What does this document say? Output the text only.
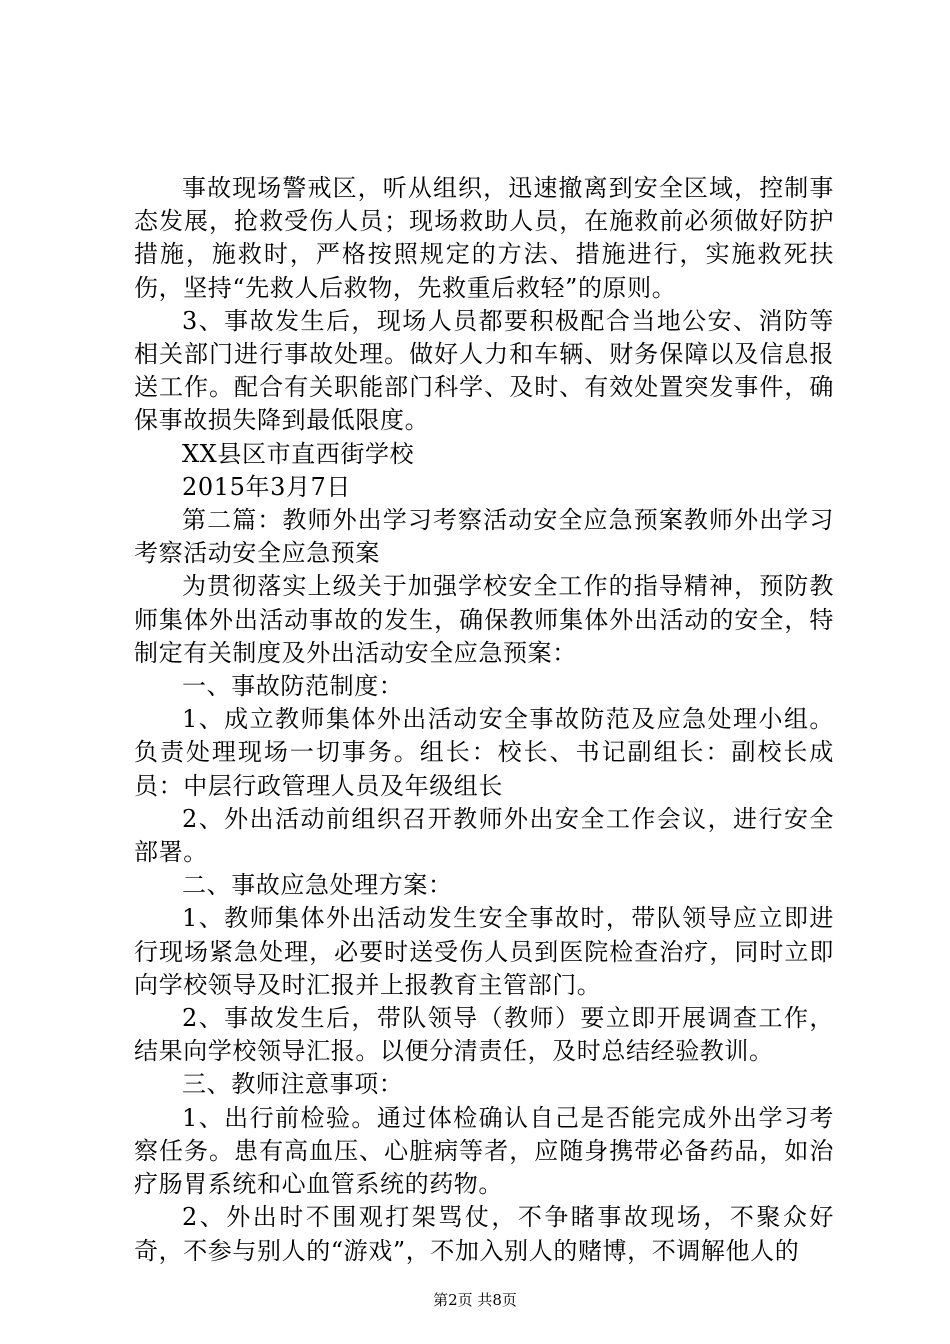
事故现场警戒区，听从组织，迅速撤离到安全区域，控制事态发展，抢救受伤人员；现场救助人员，在施救前必须做好防护措施，施救时，严格按照规定的方法、措施进行，实施救死扶伤，坚持“先救人后救物，先救重后救轻”的原则。

3、事故发生后，现场人员都要积极配合当地公安、消防等相关部门进行事故处理。做好人力和车辆、财务保障以及信息报送工作。配合有关职能部门科学、及时、有效处置突发事件，确保事故损失降到最低限度。

XX县区市直西街学校

2015年3月7日

第二篇：教师外出学习考察活动安全应急预案教师外出学习考察活动安全应急预案

为贯彻落实上级关于加强学校安全工作的指导精神，预防教师集体外出活动事故的发生，确保教师集体外出活动的安全，特制定有关制度及外出活动安全应急预案：

一、事故防范制度：

1、成立教师集体外出活动安全事故防范及应急处理小组。负责处理现场一切事务。组长：校长、书记副组长：副校长成员：中层行政管理人员及年级组长

2、外出活动前组织召开教师外出安全工作会议，进行安全部署。

二、事故应急处理方案：

1、教师集体外出活动发生安全事故时，带队领导应立即进行现场紧急处理，必要时送受伤人员到医院检查治疗，同时立即向学校领导及时汇报并上报教育主管部门。

2、事故发生后，带队领导（教师）要立即开展调查工作，结果向学校领导汇报。以便分清责任，及时总结经验教训。

三、教师注意事项：

1、出行前检验。通过体检确认自己是否能完成外出学习考察任务。患有高血压、心脏病等者，应随身携带必备药品，如治疗肠胃系统和心血管系统的药物。

2、外出时不围观打架骂仗，不争睹事故现场，不聚众好奇，不参与别人的“游戏”，不加入别人的赌博，不调解他人的

第2页 共8页
